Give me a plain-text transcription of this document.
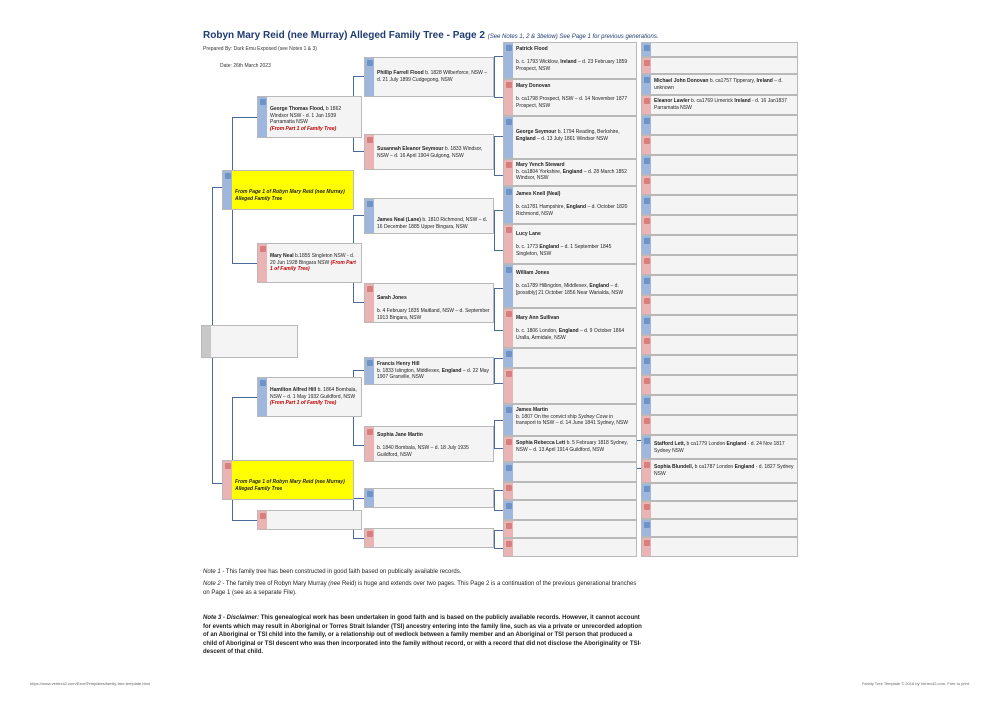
Robyn Mary Reid (nee Murray) Alleged Family Tree - Page 2 (See Notes 1, 2 & 3below) See Page 1 for previous generations.
Prepared By: Dark Emu Exposed (see Notes 1 & 3)
Date: 26th March 2023
From Page 1 of Robyn Mary Reid (nee Murray) Alleged Family Tree
From Page 1 of Robyn Mary Reid (nee Murray) Alleged Family Tree
George Thomas Flood, b 1862 Windsor NSW - d. 1 Jan 1939 Parramatta NSW
(From Part 1 of Family Tree)
Mary Neal b.1855 Singleton NSW - d. 20 Jun 1928 Bingara NSW (From Part 1 of Family Tree)
Hamilton Alfred Hill b. 1864 Bombala, NSW – d. 1 May 1932 Guildford, NSW
(From Part 1 of Family Tree)
Phillip Farrell Flood b. 1828 Wilberforce, NSW – d. 21 July 1899 Cudgegong, NSW
Susannah Eleanor Seymour b. 1833 Windsor, NSW – d. 16 April 1904 Gulgong, NSW
James Neal (Lane) b. 1810 Richmond, NSW – d. 16 December 1885 Upper Bingara, NSW
Sarah Jones

b. 4 February 1835 Maitland, NSW – d. September 1913 Bingara, NSW
Francis Henry Hill
b. 1833 Islington, Middlesex, England – d. 22 May 1907 Granville, NSW
Sophia Jane Martin

b. 1840 Bombala, NSW – d. 18 July 1935 Guildford, NSW
Patrick Flood

b. c. 1793 Wicklow, Ireland – d. 23 February 1859 Prospect, NSW
Mary Donovan

b. ca1798 Prospect, NSW – d. 14 November 1877 Prospect, NSW
George Seymour b. 1794 Reading, Berkshire, England – d. 13 July 1861 Windsor NSW
Mary Yench Steward
b. ca1804 Yorkshire, England – d. 28 March 1852 Windsor, NSW
James Knell (Neal)

b. ca1781 Hampshire, England – d. October 1820 Richmond, NSW
Lucy Lane

b. c. 1773 England – d. 1 September 1845 Singleton, NSW
William Jones

b. ca1789 Hillingdon, Middlesex, England – d. [possibly] 21 October 1856 Near Warialda, NSW
Mary Ann Sullivan

b. c. 1806 London, England – d. 9 October 1864 Uralla, Armidale, NSW
James Martin
b. 1807 On the convict ship Sydney Cove in transport to NSW – d. 14 June 1841 Sydney, NSW
Sophia Rebecca Lett b. 5 February 1818 Sydney, NSW – d. 13 April 1914 Guildford, NSW
Michael John Donovan b. ca1757 Tipperary, Ireland – d. unknown
Eleanor Lawler b. ca1769 Limerick Ireland - d. 16 Jan1837 Parramatta NSW
Stafford Lett, b ca1779 London England - d. 24 Nov 1817 Sydney NSW
Sophia Blundell, b ca1787 London England - d. 1827 Sydney NSW
Note 1 - This family tree has been constructed in good faith based on publically available records.
Note 2 - The family tree of Robyn Mary Murray (nee Reid) is huge and extends over two pages. This Page 2 is a continuation of the previous generational branches on Page 1 (see as a separate File).
Note 3 - Disclaimer: This genealogical work has been undertaken in good faith and is based on the publicly available records. However, it cannot account for events which may result in Aboriginal or Torres Strait Islander (TSI) ancestry entering into the family line, such as via a private or unrecorded adoption of an Aboriginal or TSI child into the family, or a relationship out of wedlock between a family member and an Aboriginal or TSI person that produced a child of Aboriginal or TSI descent who was then incorporated into the family without record, or with a record that did not disclose the Aboriginality or TSI-descent of that child.
https://www.vertex42.com/ExcelTemplates/family-tree-template.html	Family Tree Template © 2016 by Vertex42.com. Free to print.
